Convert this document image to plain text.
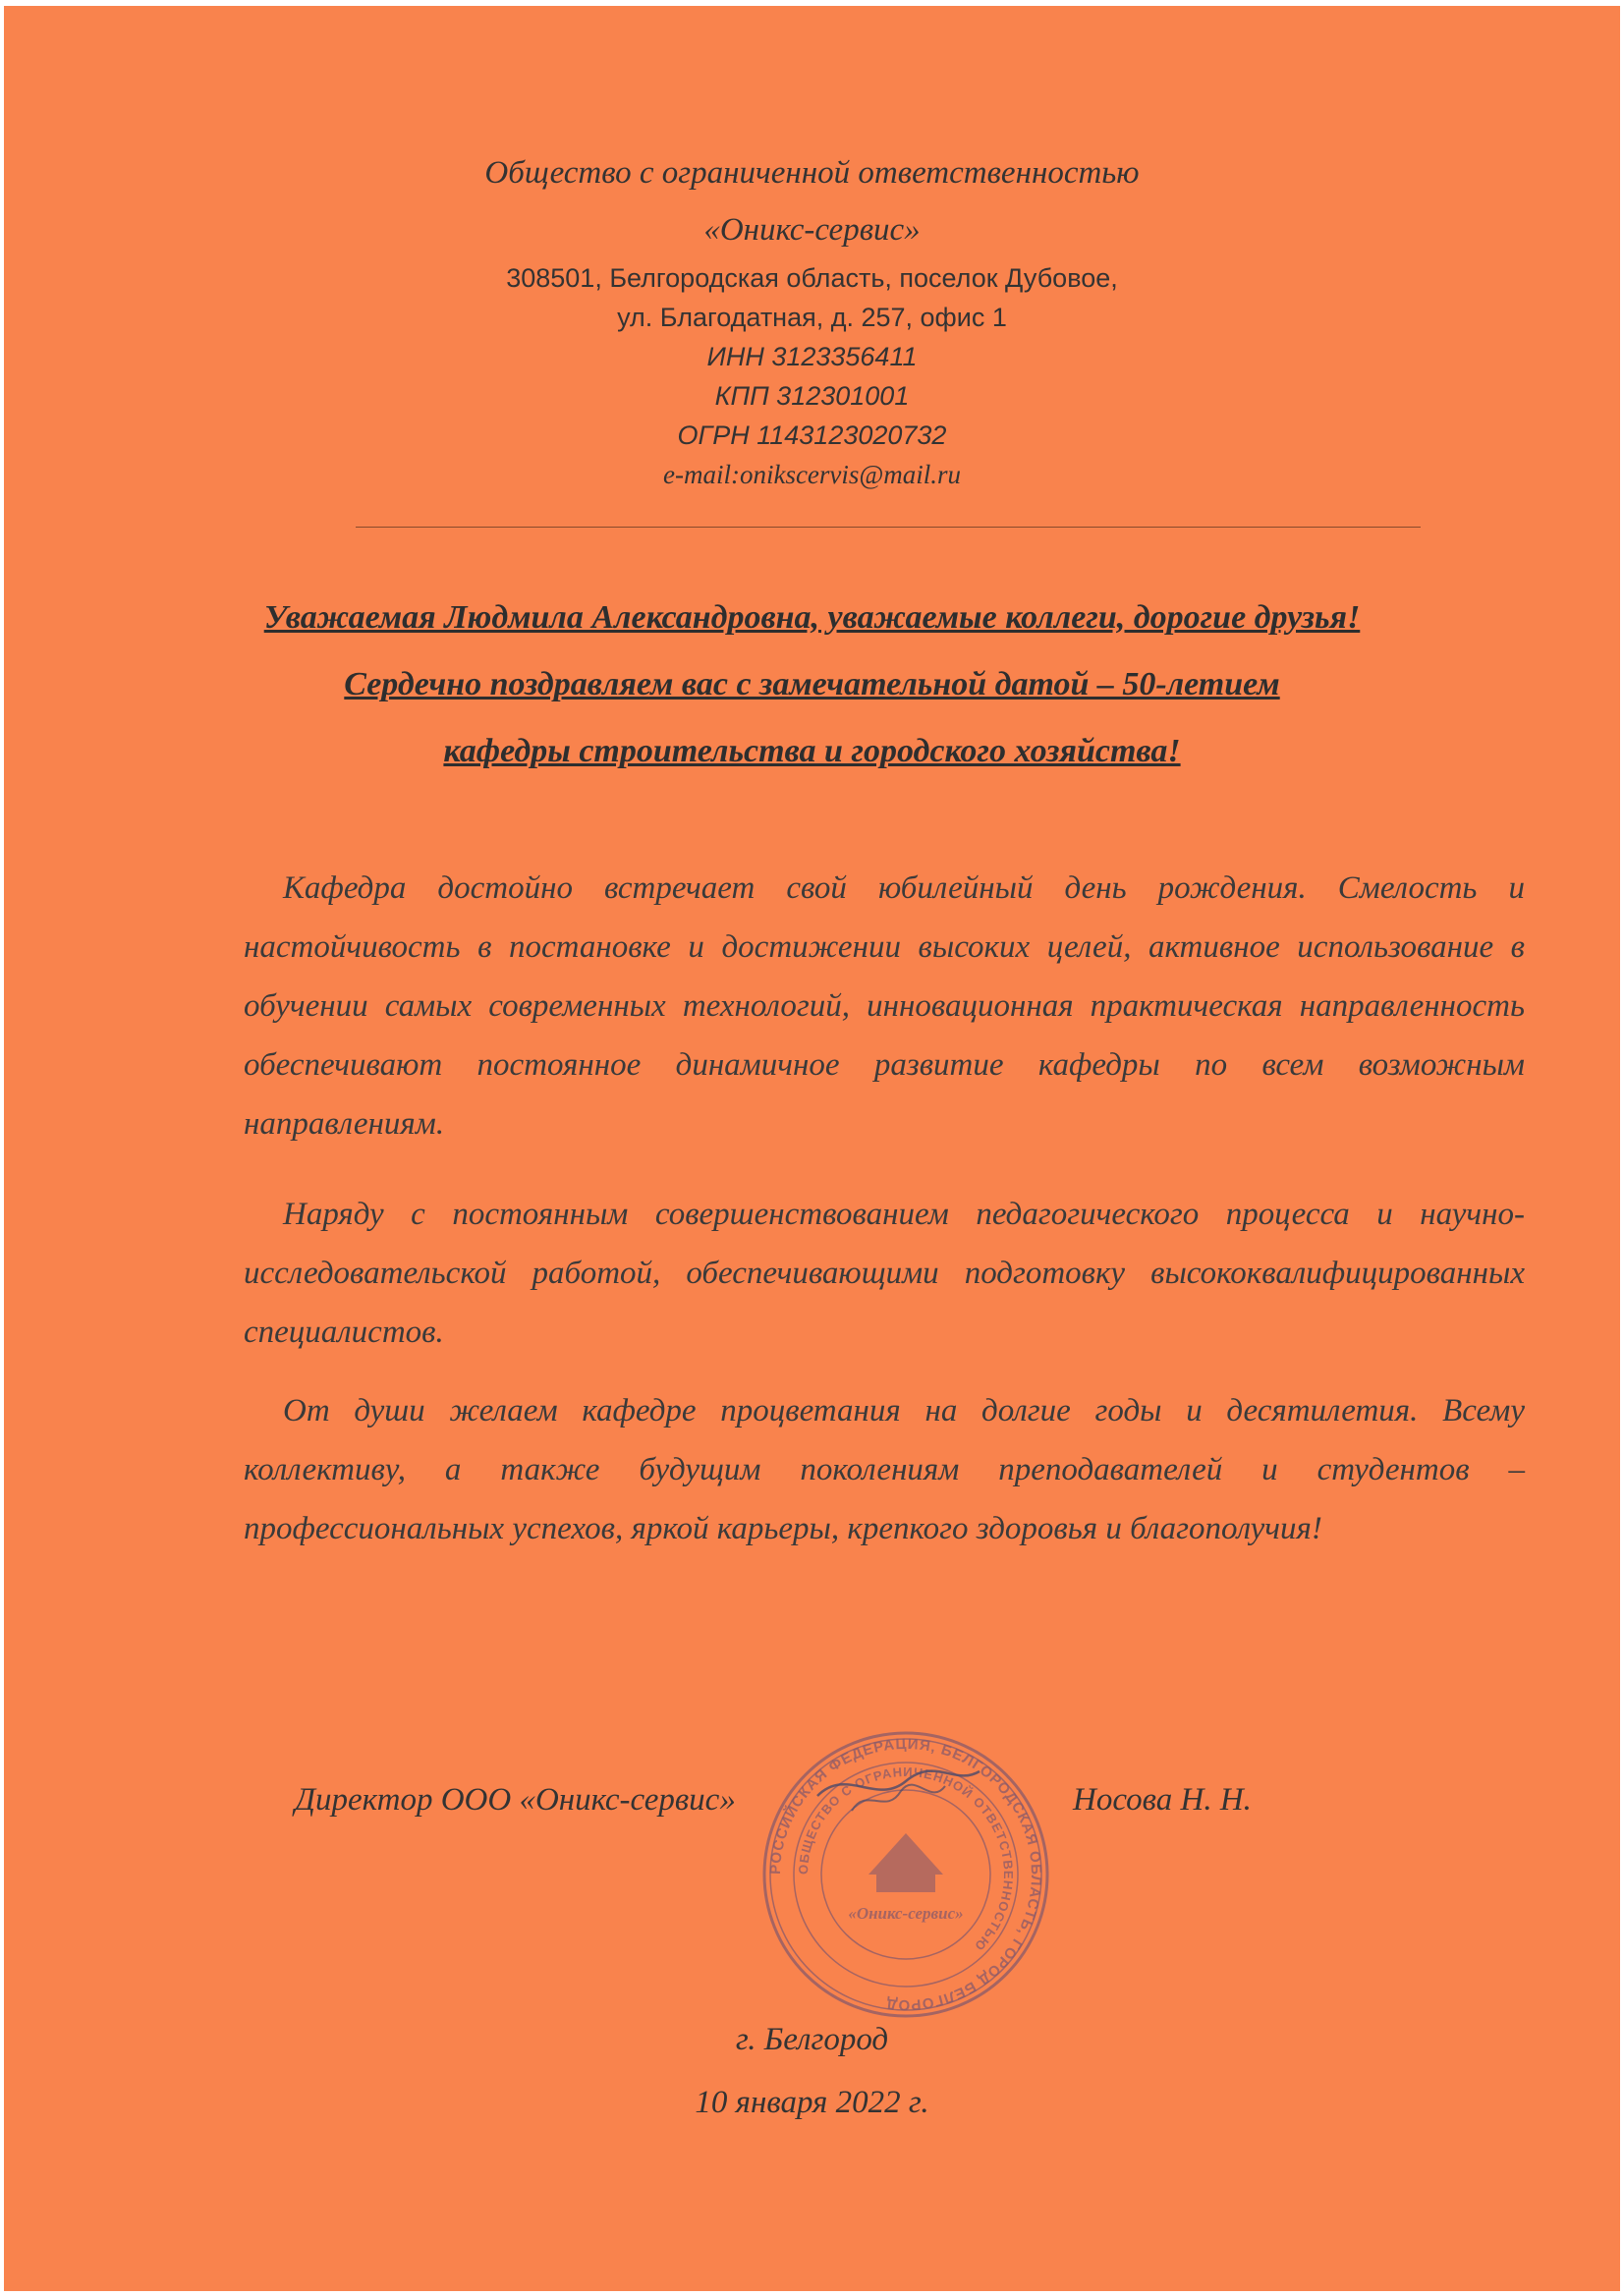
Общество с ограниченной ответственностью
«Оникс-сервис»
308501, Белгородская область, поселок Дубовое,
ул. Благодатная, д. 257, офис 1
ИНН 3123356411
КПП 312301001
ОГРН 1143123020732
e-mail:onikscervis@mail.ru
Уважаемая Людмила Александровна, уважаемые коллеги, дорогие друзья!
Сердечно поздравляем вас с замечательной датой – 50-летием
кафедры строительства и городского хозяйства!
Кафедра достойно встречает свой юбилейный день рождения. Смелость и настойчивость в постановке и достижении высоких целей, активное использование в обучении самых современных технологий, инновационная практическая направленность обеспечивают постоянное динамичное развитие кафедры по всем возможным направлениям.
Наряду с постоянным совершенствованием педагогического процесса и научно-исследовательской работой, обеспечивающими подготовку высококвалифицированных специалистов.
От души желаем кафедре процветания на долгие годы и десятилетия. Всему коллективу, а также будущим поколениям преподавателей и студентов – профессиональных успехов, яркой карьеры, крепкого здоровья и благополучия!
Директор ООО «Оникс-сервис»	Носова Н. Н.
РОССИЙСКАЯ ФЕДЕРАЦИЯ, БЕЛГОРОДСКАЯ ОБЛАСТЬ, ГОРОД БЕЛГОРОД
ОБЩЕСТВО С ОГРАНИЧЕННОЙ ОТВЕТСТВЕННОСТЬЮ
«Оникс-сервис»
г. Белгород
10 января 2022 г.
